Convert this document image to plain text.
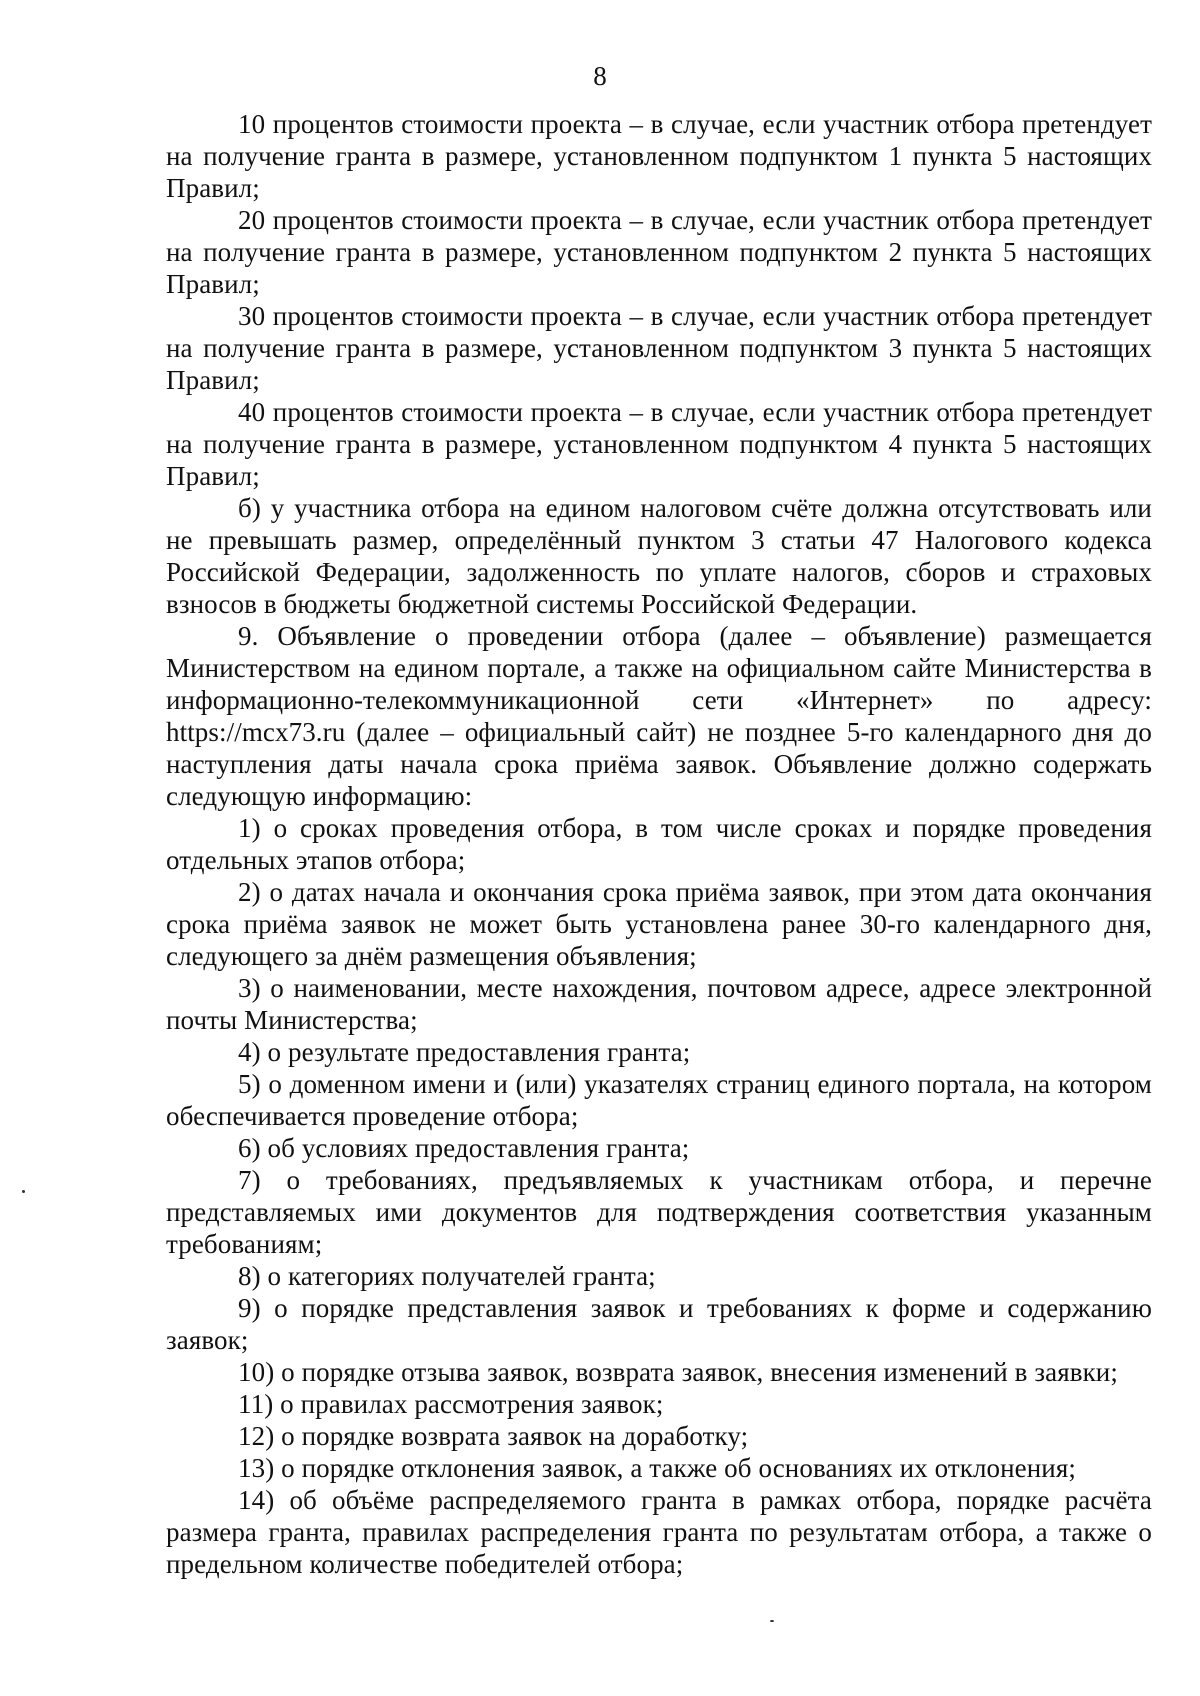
8

10 процентов стоимости проекта – в случае, если участник отбора претендует на получение гранта в размере, установленном подпунктом 1 пункта 5 настоящих Правил;

20 процентов стоимости проекта – в случае, если участник отбора претендует на получение гранта в размере, установленном подпунктом 2 пункта 5 настоящих Правил;

30 процентов стоимости проекта – в случае, если участник отбора претендует на получение гранта в размере, установленном подпунктом 3 пункта 5 настоящих Правил;

40 процентов стоимости проекта – в случае, если участник отбора претендует на получение гранта в размере, установленном подпунктом 4 пункта 5 настоящих Правил;

б) у участника отбора на едином налоговом счёте должна отсутствовать или не превышать размер, определённый пунктом 3 статьи 47 Налогового кодекса Российской Федерации, задолженность по уплате налогов, сборов и страховых взносов в бюджеты бюджетной системы Российской Федерации.

9. Объявление о проведении отбора (далее – объявление) размещается Министерством на едином портале, а также на официальном сайте Министерства в информационно-телекоммуникационной сети «Интернет» по адресу: https://mcx73.ru (далее – официальный сайт) не позднее 5-го календарного дня до наступления даты начала срока приёма заявок. Объявление должно содержать следующую информацию:

1) о сроках проведения отбора, в том числе сроках и порядке проведения отдельных этапов отбора;

2) о датах начала и окончания срока приёма заявок, при этом дата окончания срока приёма заявок не может быть установлена ранее 30-го календарного дня, следующего за днём размещения объявления;

3) о наименовании, месте нахождения, почтовом адресе, адресе электронной почты Министерства;

4) о результате предоставления гранта;

5) о доменном имени и (или) указателях страниц единого портала, на котором обеспечивается проведение отбора;

6) об условиях предоставления гранта;

7) о требованиях, предъявляемых к участникам отбора, и перечне представляемых ими документов для подтверждения соответствия указанным требованиям;

8) о категориях получателей гранта;

9) о порядке представления заявок и требованиях к форме и содержанию заявок;

10) о порядке отзыва заявок, возврата заявок, внесения изменений в заявки;

11) о правилах рассмотрения заявок;

12) о порядке возврата заявок на доработку;

13) о порядке отклонения заявок, а также об основаниях их отклонения;

14) об объёме распределяемого гранта в рамках отбора, порядке расчёта размера гранта, правилах распределения гранта по результатам отбора, а также о предельном количестве победителей отбора;
